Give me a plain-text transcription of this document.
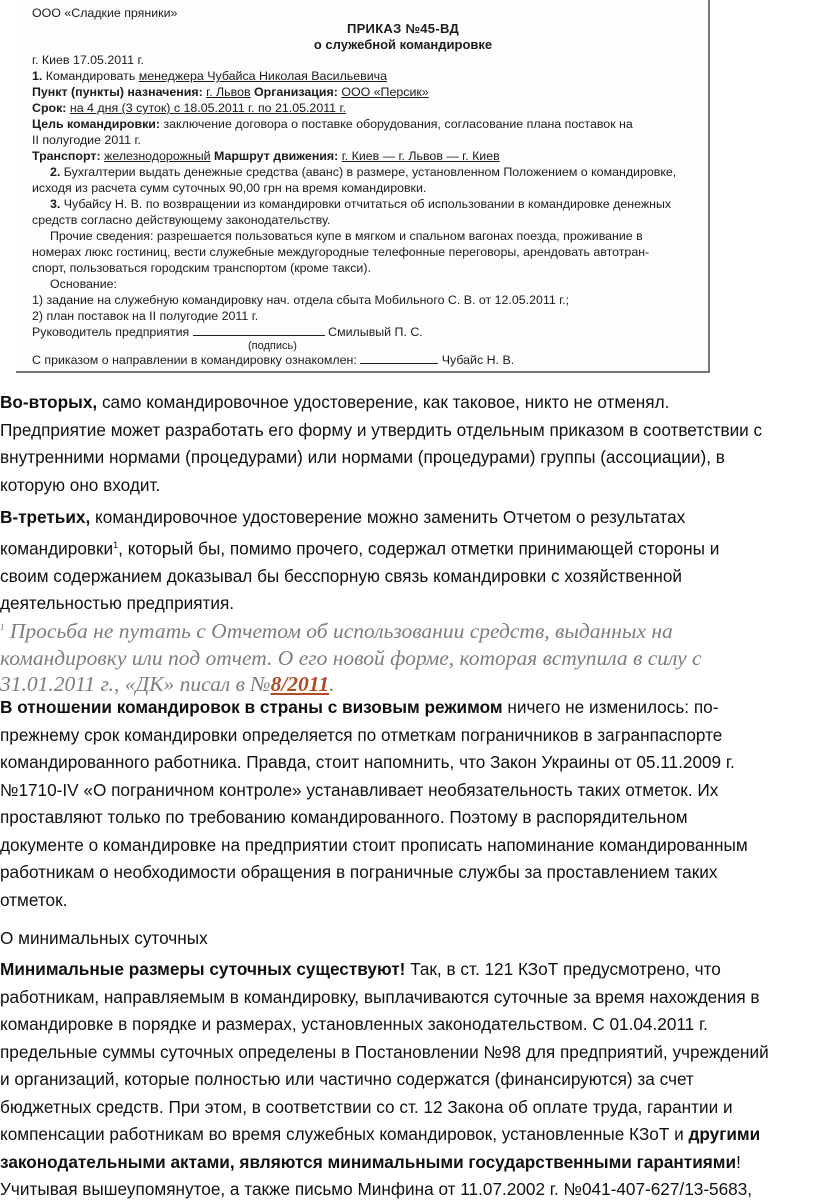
ООО «Сладкие пряники»
ПРИКАЗ №45-ВД
о служебной командировке
г. Киев 17.05.2011 г.
1. Командировать менеджера Чубайса Николая Васильевича
Пункт (пункты) назначения: г. Львов Организация: ООО «Персик»
Срок: на 4 дня (3 суток) с 18.05.2011 г. по 21.05.2011 г.
Цель командировки: заключение договора о поставке оборудования, согласование плана поставок на
II полугодие 2011 г.
Транспорт: железнодорожный Маршрут движения: г. Киев — г. Львов — г. Киев
2. Бухгалтерии выдать денежные средства (аванс) в размере, установленном Положением о командировке,
исходя из расчета сумм суточных 90,00 грн на время командировки.
3. Чубайсу Н. В. по возвращении из командировки отчитаться об использовании в командировке денежных
средств согласно действующему законодательству.
Прочие сведения: разрешается пользоваться купе в мягком и спальном вагонах поезда, проживание в
номерах люкс гостиниц, вести служебные междугородные телефонные переговоры, арендовать автотран-
спорт, пользоваться городским транспортом (кроме такси).
Основание:
1) задание на служебную командировку нач. отдела сбыта Мобильного С. В. от 12.05.2011 г.;
2) план поставок на II полугодие 2011 г.
Руководитель предприятия	Смилывый П. С.
(подпись)
С приказом о направлении в командировку ознакомлен:	Чубайс Н. В.

Во-вторых, само командировочное удостоверение, как таковое, никто не отменял.

Предприятие может разработать его форму и утвердить отдельным приказом в соответствии с

внутренними нормами (процедурами) или нормами (процедурами) группы (ассоциации), в

которую оно входит.

В-третьих, командировочное удостоверение можно заменить Отчетом о результатах

командировки$^1$, который бы, помимо прочего, содержал отметки принимающей стороны и

своим содержанием доказывал бы бесспорную связь командировки с хозяйственной

деятельностью предприятия.

$^1$ Просьба не путать с Отчетом об использовании средств, выданных на
командировку или под отчет. О его новой форме, которая вступила в силу с
31.01.2011 г., «ДК» писал в №8/2011.

В отношении командировок в страны с визовым режимом ничего не изменилось: по-

прежнему срок командировки определяется по отметкам пограничников в загранпаспорте

командированного работника. Правда, стоит напомнить, что Закон Украины от 05.11.2009 г.

№1710-IV «О пограничном контроле» устанавливает необязательность таких отметок. Их

проставляют только по требованию командированного. Поэтому в распорядительном

документе о командировке на предприятии стоит прописать напоминание командированным

работникам о необходимости обращения в пограничные службы за проставлением таких

отметок.

О минимальных суточных

Минимальные размеры суточных существуют! Так, в ст. 121 КЗоТ предусмотрено, что

работникам, направляемым в командировку, выплачиваются суточные за время нахождения в

командировке в порядке и размерах, установленных законодательством. С 01.04.2011 г.

предельные суммы суточных определены в Постановлении №98 для предприятий, учреждений

и организаций, которые полностью или частично содержатся (финансируются) за счет

бюджетных средств. При этом, в соответствии со ст. 12 Закона об оплате труда, гарантии и

компенсации работникам во время служебных командировок, установленные КЗоТ и другими

законодательными актами, являются минимальными государственными гарантиями!

Учитывая вышеупомянутое, а также письмо Минфина от 11.07.2002 г. №041-407-627/13-5683,
